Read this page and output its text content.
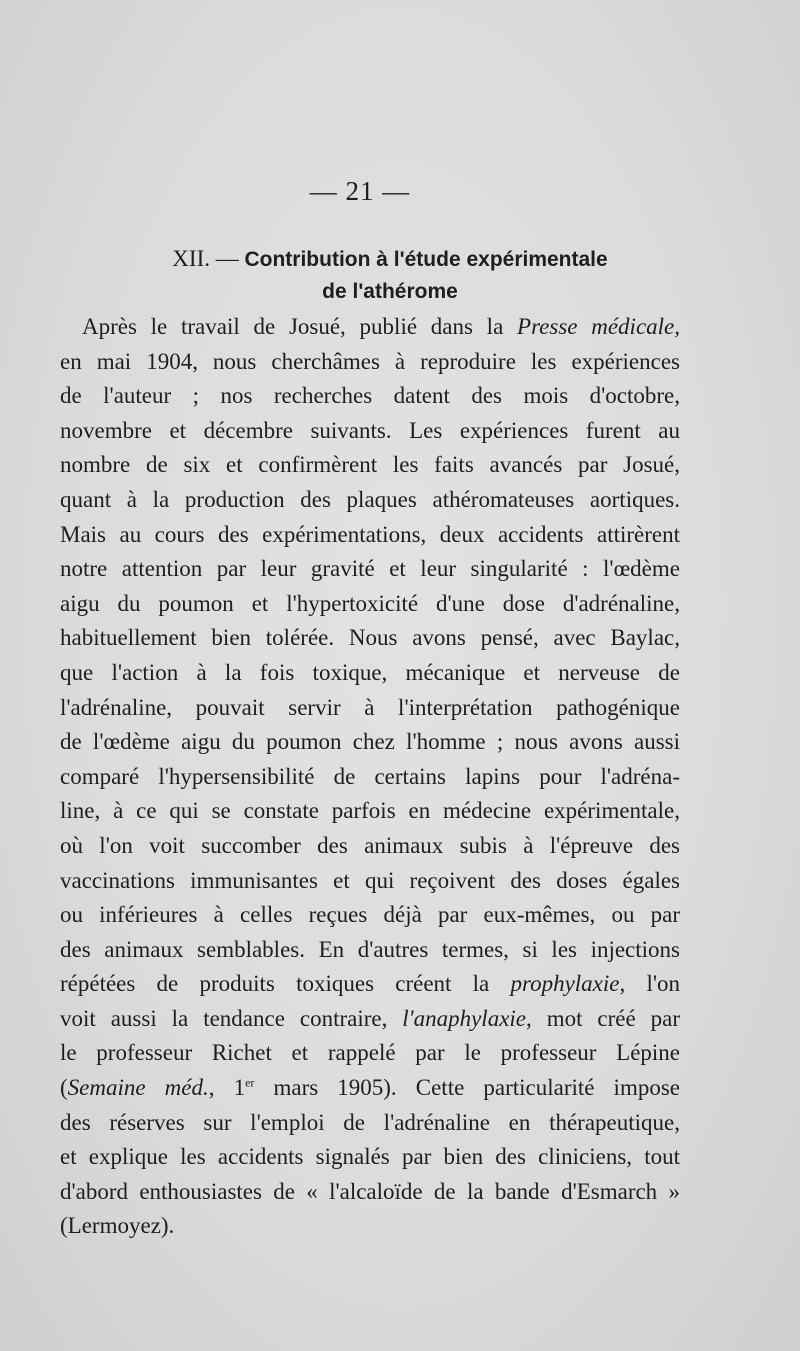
— 21 —
XII. — Contribution à l'étude expérimentale
de l'athérome
Après le travail de Josué, publié dans la Presse médicale,
en mai 1904, nous cherchâmes à reproduire les expériences
de l'auteur ; nos recherches datent des mois d'octobre,
novembre et décembre suivants. Les expériences furent au
nombre de six et confirmèrent les faits avancés par Josué,
quant à la production des plaques athéromateuses aortiques.
Mais au cours des expérimentations, deux accidents attirèrent
notre attention par leur gravité et leur singularité : l'œdème
aigu du poumon et l'hypertoxicité d'une dose d'adrénaline,
habituellement bien tolérée. Nous avons pensé, avec Baylac,
que l'action à la fois toxique, mécanique et nerveuse de
l'adrénaline, pouvait servir à l'interprétation pathogénique
de l'œdème aigu du poumon chez l'homme ; nous avons aussi
comparé l'hypersensibilité de certains lapins pour l'adréna-
line, à ce qui se constate parfois en médecine expérimentale,
où l'on voit succomber des animaux subis à l'épreuve des
vaccinations immunisantes et qui reçoivent des doses égales
ou inférieures à celles reçues déjà par eux-mêmes, ou par
des animaux semblables. En d'autres termes, si les injections
répétées de produits toxiques créent la prophylaxie, l'on
voit aussi la tendance contraire, l'anaphylaxie, mot créé par
le professeur Richet et rappelé par le professeur Lépine
(Semaine méd., 1er mars 1905). Cette particularité impose
des réserves sur l'emploi de l'adrénaline en thérapeutique,
et explique les accidents signalés par bien des cliniciens, tout
d'abord enthousiastes de « l'alcaloïde de la bande d'Esmarch »
(Lermoyez).
